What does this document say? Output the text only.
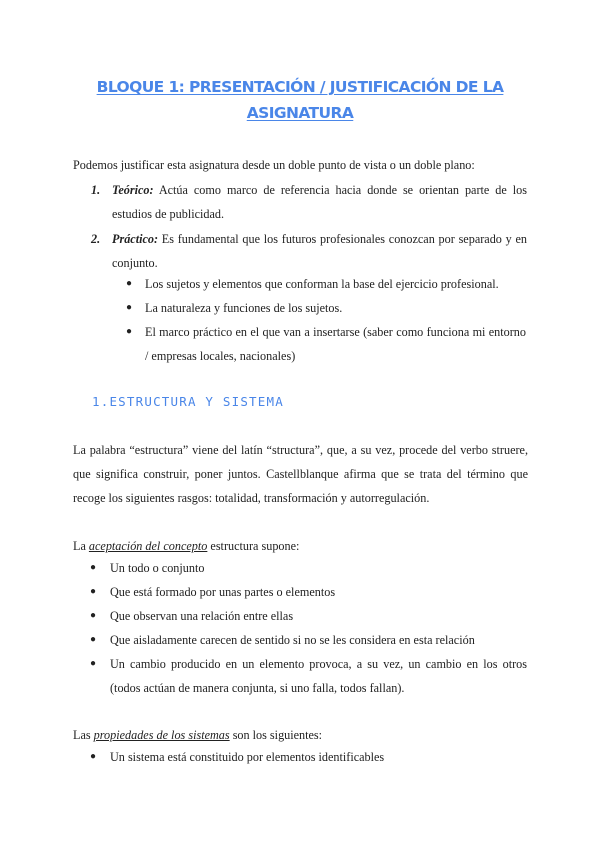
BLOQUE 1: PRESENTACIÓN / JUSTIFICACIÓN DE LA ASIGNATURA
Podemos justificar esta asignatura desde un doble punto de vista o un doble plano:
1. Teórico: Actúa como marco de referencia hacia donde se orientan parte de los estudios de publicidad.
2. Práctico: Es fundamental que los futuros profesionales conozcan por separado y en conjunto.
● Los sujetos y elementos que conforman la base del ejercicio profesional.
● La naturaleza y funciones de los sujetos.
● El marco práctico en el que van a insertarse (saber como funciona mi entorno / empresas locales, nacionales)
1.ESTRUCTURA Y SISTEMA
La palabra “estructura” viene del latín “structura”, que, a su vez, procede del verbo struere, que significa construir, poner juntos. Castellblanque afirma que se trata del término que recoge los siguientes rasgos: totalidad, transformación y autorregulación.
La aceptación del concepto estructura supone:
● Un todo o conjunto
● Que está formado por unas partes o elementos
● Que observan una relación entre ellas
● Que aisladamente carecen de sentido si no se les considera en esta relación
● Un cambio producido en un elemento provoca, a su vez, un cambio en los otros (todos actúan de manera conjunta, si uno falla, todos fallan).
Las propiedades de los sistemas son los siguientes:
● Un sistema está constituido por elementos identificables
